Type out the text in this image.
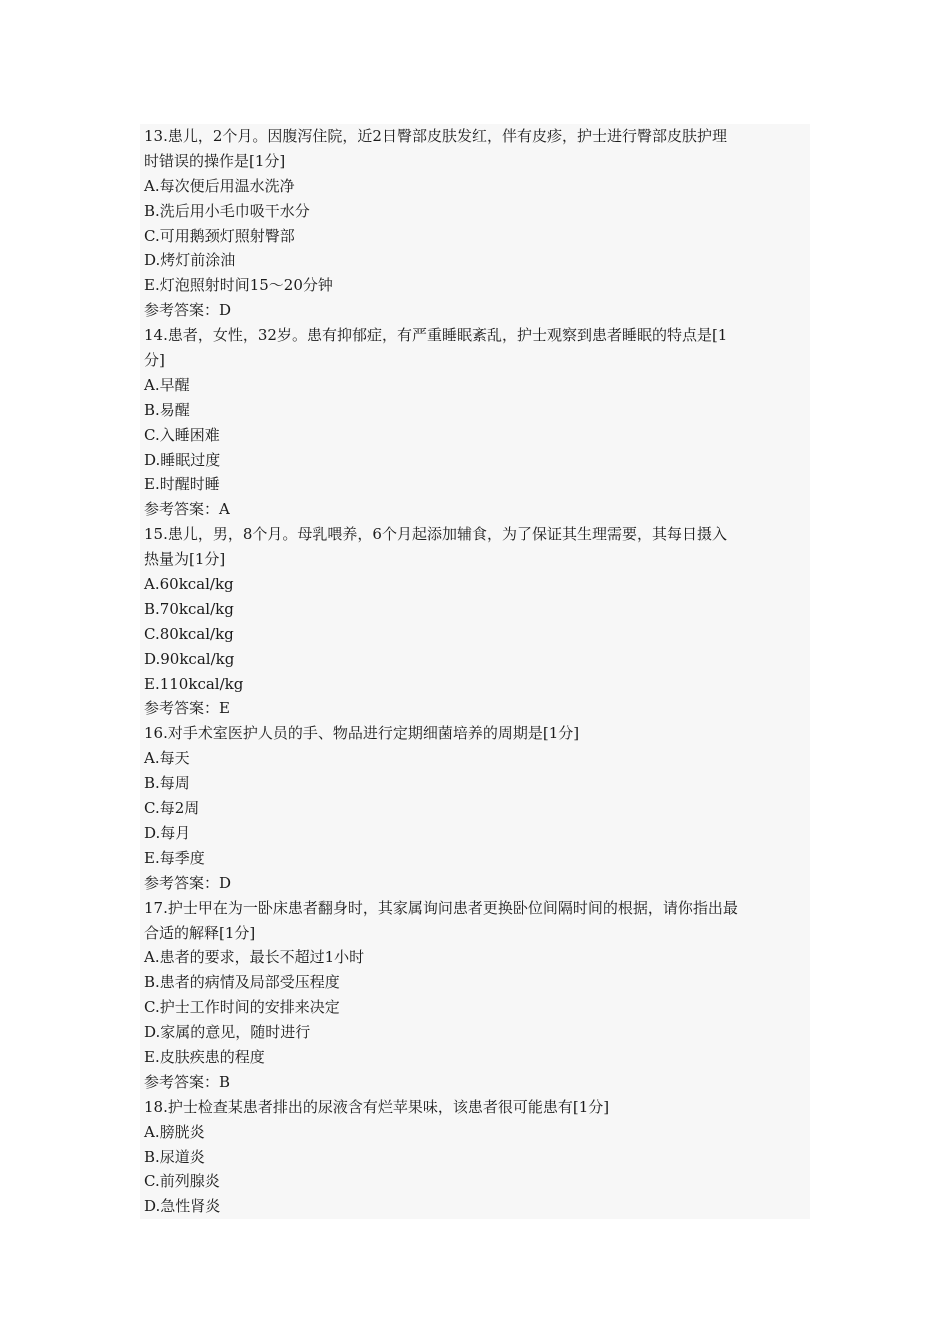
13.患儿，2个月。因腹泻住院，近2日臀部皮肤发红，伴有皮疹，护士进行臀部皮肤护理
时错误的操作是[1分]
A.每次便后用温水洗净
B.洗后用小毛巾吸干水分
C.可用鹅颈灯照射臀部
D.烤灯前涂油
E.灯泡照射时间15～20分钟
参考答案：D
14.患者，女性，32岁。患有抑郁症，有严重睡眠紊乱，护士观察到患者睡眠的特点是[1
分]
A.早醒
B.易醒
C.入睡困难
D.睡眠过度
E.时醒时睡
参考答案：A
15.患儿，男，8个月。母乳喂养，6个月起添加辅食，为了保证其生理需要，其每日摄入
热量为[1分]
A.60kcal/kg
B.70kcal/kg
C.80kcal/kg
D.90kcal/kg
E.110kcal/kg
参考答案：E
16.对手术室医护人员的手、物品进行定期细菌培养的周期是[1分]
A.每天
B.每周
C.每2周
D.每月
E.每季度
参考答案：D
17.护士甲在为一卧床患者翻身时，其家属询问患者更换卧位间隔时间的根据，请你指出最
合适的解释[1分]
A.患者的要求，最长不超过1小时
B.患者的病情及局部受压程度
C.护士工作时间的安排来决定
D.家属的意见，随时进行
E.皮肤疾患的程度
参考答案：B
18.护士检查某患者排出的尿液含有烂苹果味，该患者很可能患有[1分]
A.膀胱炎
B.尿道炎
C.前列腺炎
D.急性肾炎
